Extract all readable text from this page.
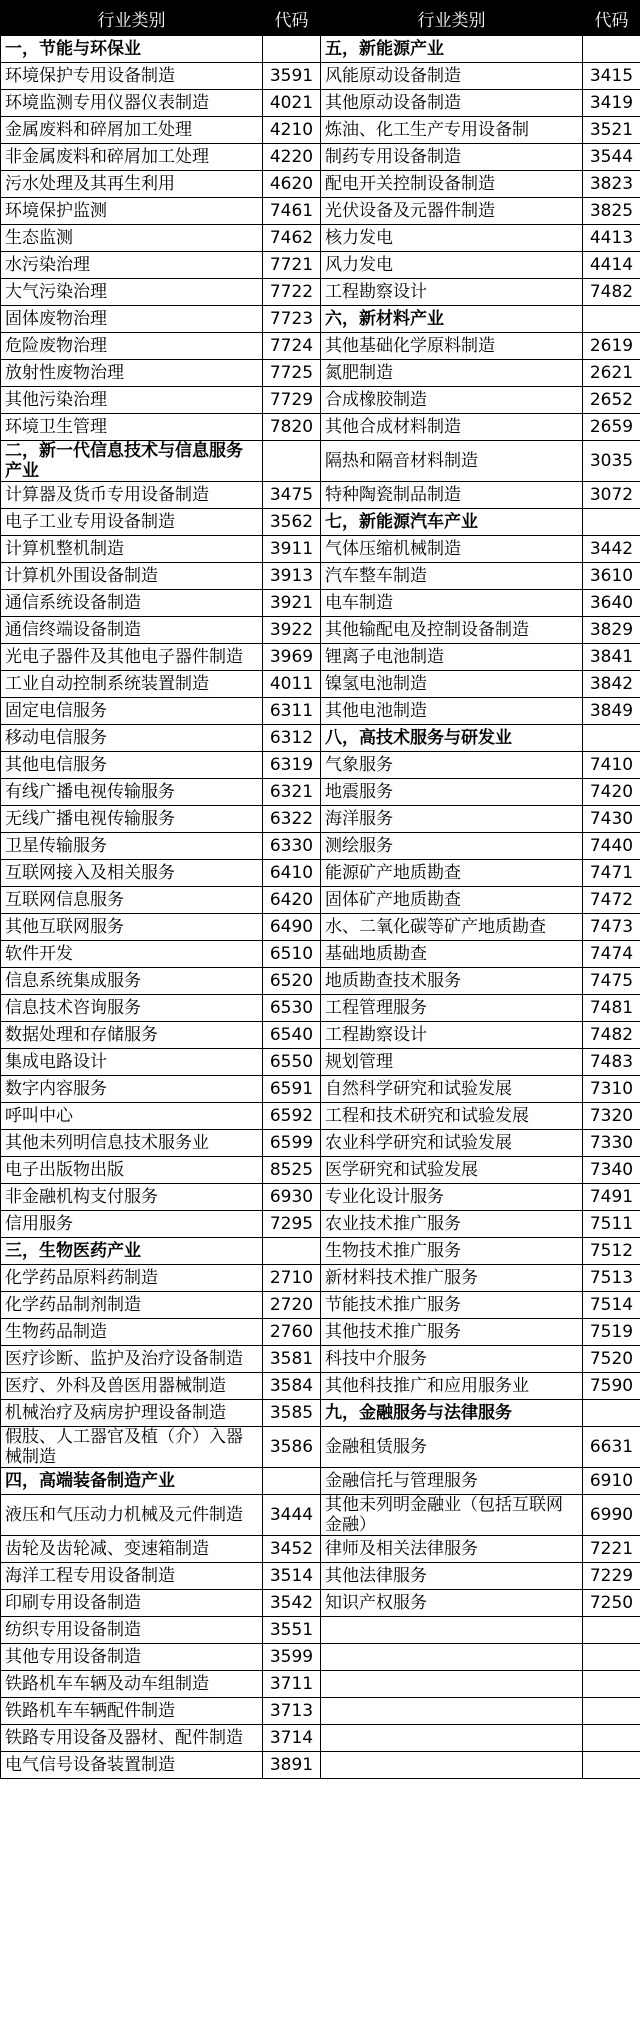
行业类别	代码	行业类别	代码
一，节能与环保业		五，新能源产业	
环境保护专用设备制造	3591	风能原动设备制造	3415
环境监测专用仪器仪表制造	4021	其他原动设备制造	3419
金属废料和碎屑加工处理	4210	炼油、化工生产专用设备制	3521
非金属废料和碎屑加工处理	4220	制药专用设备制造	3544
污水处理及其再生利用	4620	配电开关控制设备制造	3823
环境保护监测	7461	光伏设备及元器件制造	3825
生态监测	7462	核力发电	4413
水污染治理	7721	风力发电	4414
大气污染治理	7722	工程勘察设计	7482
固体废物治理	7723	六，新材料产业	
危险废物治理	7724	其他基础化学原料制造	2619
放射性废物治理	7725	氮肥制造	2621
其他污染治理	7729	合成橡胶制造	2652
环境卫生管理	7820	其他合成材料制造	2659
二，新一代信息技术与信息服务产业		隔热和隔音材料制造	3035
计算器及货币专用设备制造	3475	特种陶瓷制品制造	3072
电子工业专用设备制造	3562	七，新能源汽车产业	
计算机整机制造	3911	气体压缩机械制造	3442
计算机外围设备制造	3913	汽车整车制造	3610
通信系统设备制造	3921	电车制造	3640
通信终端设备制造	3922	其他输配电及控制设备制造	3829
光电子器件及其他电子器件制造	3969	锂离子电池制造	3841
工业自动控制系统装置制造	4011	镍氢电池制造	3842
固定电信服务	6311	其他电池制造	3849
移动电信服务	6312	八，高技术服务与研发业	
其他电信服务	6319	气象服务	7410
有线广播电视传输服务	6321	地震服务	7420
无线广播电视传输服务	6322	海洋服务	7430
卫星传输服务	6330	测绘服务	7440
互联网接入及相关服务	6410	能源矿产地质勘查	7471
互联网信息服务	6420	固体矿产地质勘查	7472
其他互联网服务	6490	水、二氧化碳等矿产地质勘查	7473
软件开发	6510	基础地质勘查	7474
信息系统集成服务	6520	地质勘查技术服务	7475
信息技术咨询服务	6530	工程管理服务	7481
数据处理和存储服务	6540	工程勘察设计	7482
集成电路设计	6550	规划管理	7483
数字内容服务	6591	自然科学研究和试验发展	7310
呼叫中心	6592	工程和技术研究和试验发展	7320
其他未列明信息技术服务业	6599	农业科学研究和试验发展	7330
电子出版物出版	8525	医学研究和试验发展	7340
非金融机构支付服务	6930	专业化设计服务	7491
信用服务	7295	农业技术推广服务	7511
三，生物医药产业		生物技术推广服务	7512
化学药品原料药制造	2710	新材料技术推广服务	7513
化学药品制剂制造	2720	节能技术推广服务	7514
生物药品制造	2760	其他技术推广服务	7519
医疗诊断、监护及治疗设备制造	3581	科技中介服务	7520
医疗、外科及兽医用器械制造	3584	其他科技推广和应用服务业	7590
机械治疗及病房护理设备制造	3585	九，金融服务与法律服务	
假肢、人工器官及植（介）入器械制造	3586	金融租赁服务	6631
四，高端装备制造产业		金融信托与管理服务	6910
液压和气压动力机械及元件制造	3444	其他未列明金融业（包括互联网金融）	6990
齿轮及齿轮减、变速箱制造	3452	律师及相关法律服务	7221
海洋工程专用设备制造	3514	其他法律服务	7229
印刷专用设备制造	3542	知识产权服务	7250
纺织专用设备制造	3551		
其他专用设备制造	3599		
铁路机车车辆及动车组制造	3711		
铁路机车车辆配件制造	3713		
铁路专用设备及器材、配件制造	3714		
电气信号设备装置制造	3891		
